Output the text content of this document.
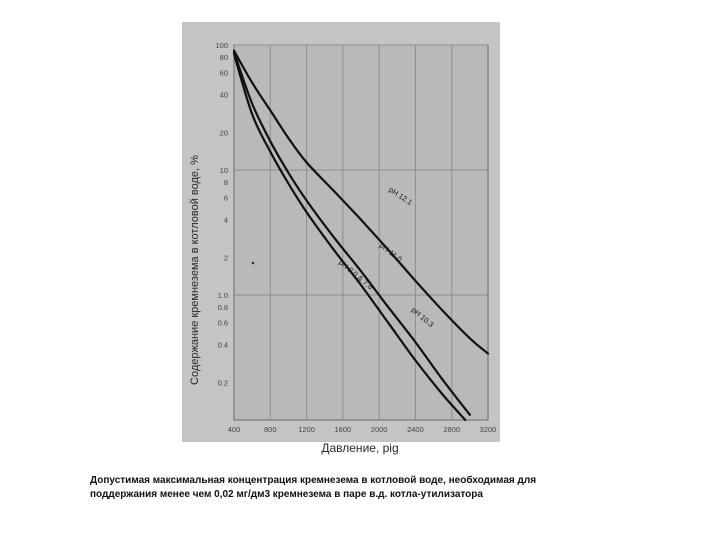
400	800	1200	1600	2000	2400	2800	3200
100
80
60
40
20
10
8
6
4
2
1.0
0.8
0.6
0.4
0.2
pH 12.1
pH 11.0
pH 10.3
pH 9.0 & 7.6
Содержание кремнезема в котловой воде, %
Давление, pig
Допустимая максимальная концентрация кремнезема в котловой воде, необходимая для
поддержания менее чем 0,02 мг/дм3 кремнезема в паре в.д. котла-утилизатора
